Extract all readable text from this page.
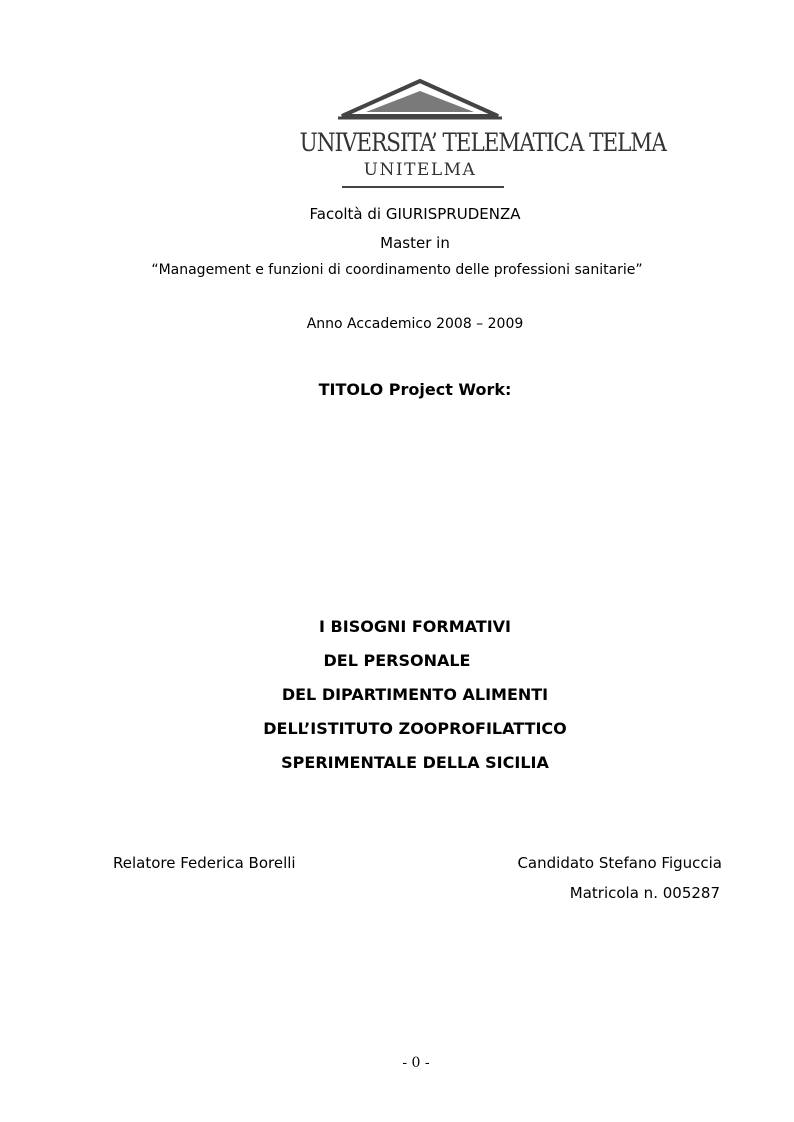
UNIVERSITA’ TELEMATICA TELMA
UNITELMA
Facoltà di GIURISPRUDENZA
Master in
“Management e funzioni di coordinamento delle professioni sanitarie”
Anno Accademico 2008 – 2009
TITOLO Project Work:
I BISOGNI FORMATIVI
DEL PERSONALE
DEL DIPARTIMENTO ALIMENTI
DELL’ISTITUTO ZOOPROFILATTICO
SPERIMENTALE DELLA SICILIA
Relatore Federica Borelli	Candidato Stefano Figuccia
Matricola n. 005287
- 0 -
